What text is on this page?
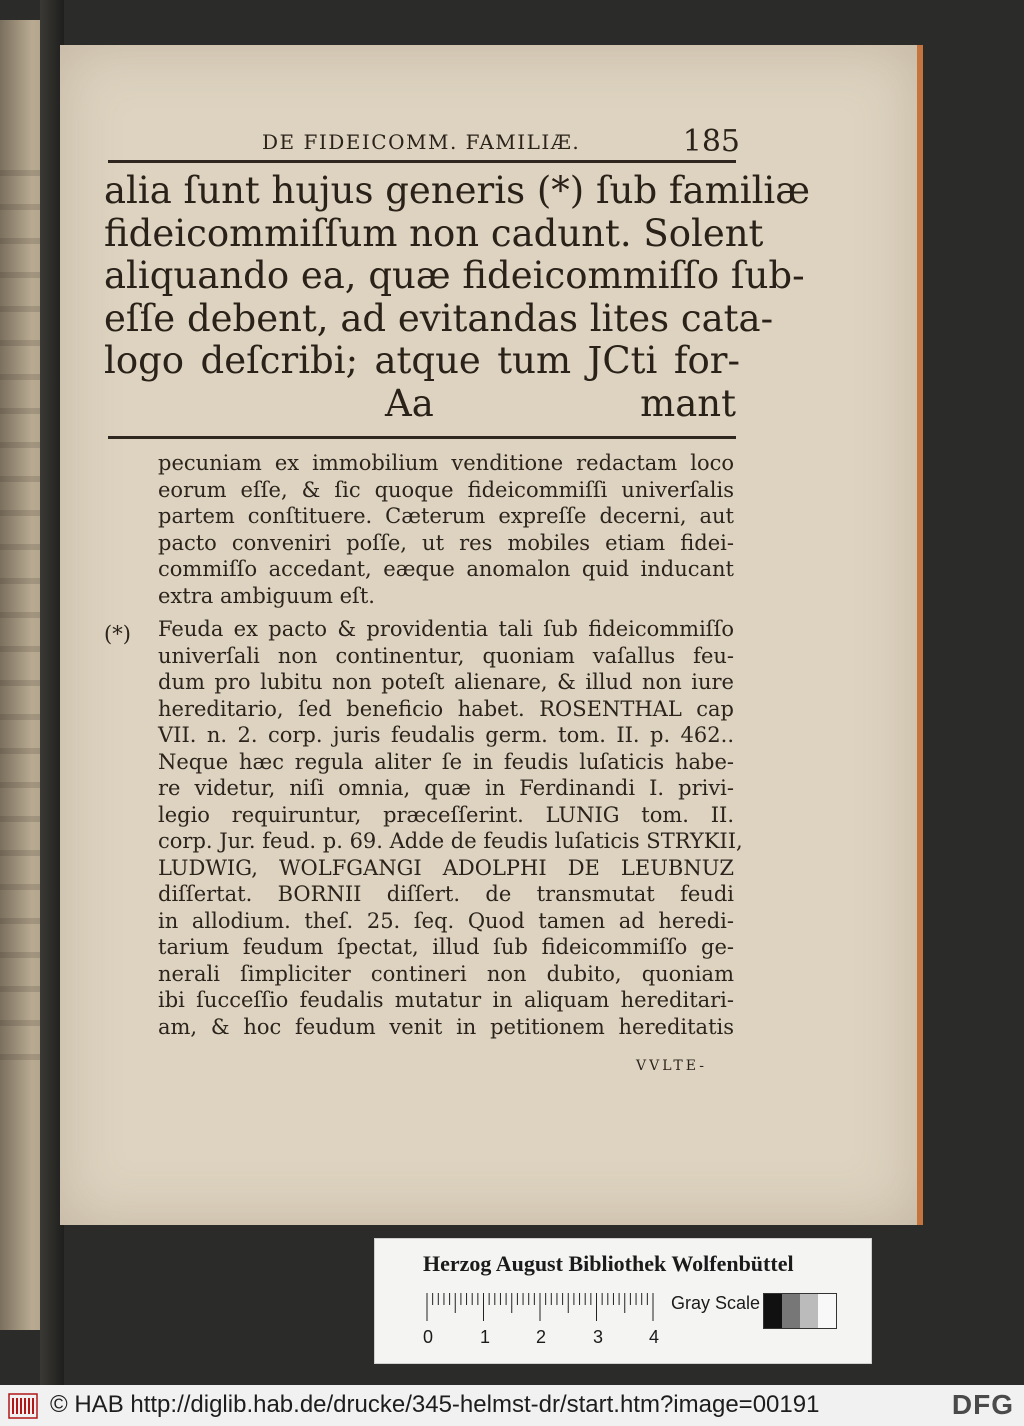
DE FIDEICOMM. FAMILIÆ.	185
alia ſunt hujus generis (*) ſub familiæ
fideicommiſſum non cadunt. Solent
aliquando ea, quæ fideicommiſſo ſub-
eſſe debent, ad evitandas lites cata-
logo deſcribi; atque tum JCti for-
Aa	mant
pecuniam ex immobilium venditione redactam loco
eorum eſſe, & ſic quoque fideicommiſſi univerſalis
partem conſtituere. Cæterum expreſſe decerni, aut
pacto conveniri poſſe, ut res mobiles etiam fidei-
commiſſo accedant, eæque anomalon quid inducant
extra ambiguum eſt.
(*) Feuda ex pacto & providentia tali ſub fideicommiſſo
univerſali non continentur, quoniam vaſallus feu-
dum pro lubitu non poteſt alienare, & illud non iure
hereditario, ſed beneficio habet. ROSENTHAL cap
VII. n. 2. corp. juris feudalis germ. tom. II. p. 462..
Neque hæc regula aliter ſe in feudis luſaticis habe-
re videtur, niſi omnia, quæ in Ferdinandi I. privi-
legio requiruntur, præceſſerint. LUNIG tom. II.
corp. Jur. feud. p. 69. Adde de feudis luſaticis STRYKII,
LUDWIG, WOLFGANGI ADOLPHI DE LEUBNUZ
diſſertat. BORNII diſſert. de transmutat feudi
in allodium. theſ. 25. ſeq. Quod tamen ad heredi-
tarium feudum ſpectat, illud ſub fideicommiſſo ge-
nerali ſimpliciter contineri non dubito, quoniam
ibi ſucceſſio feudalis mutatur in aliquam hereditari-
am, & hoc feudum venit in petitionem hereditatis
VVLTE-
Herzog August Bibliothek Wolfenbüttel
0	1	2	3	4
Gray Scale
© HAB http://diglib.hab.de/drucke/345-helmst-dr/start.htm?image=00191	DFG
